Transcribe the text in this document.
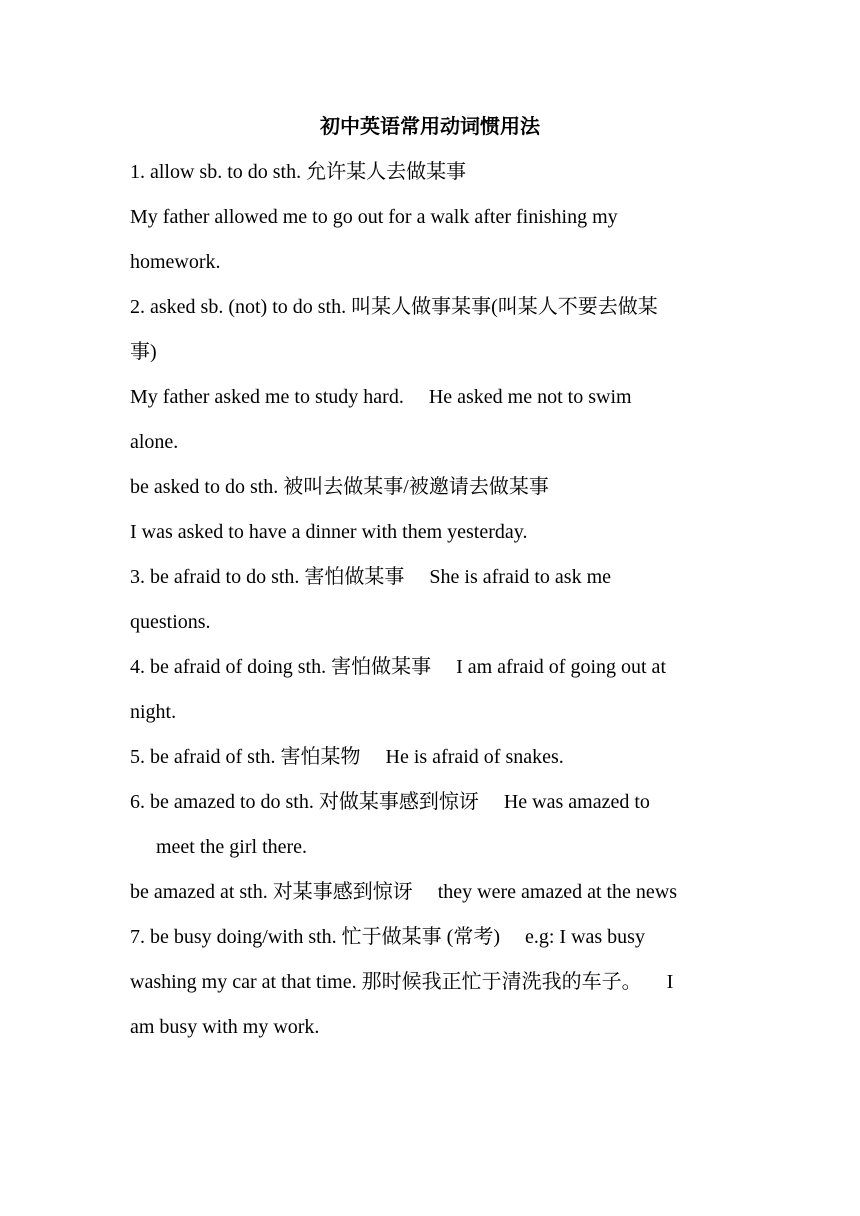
初中英语常用动词惯用法
1. allow sb. to do sth. 允许某人去做某事
My father allowed me to go out for a walk after finishing my
homework.
2. asked sb. (not) to do sth. 叫某人做事某事(叫某人不要去做某
事)
My father asked me to study hard.     He asked me not to swim
alone.
be asked to do sth. 被叫去做某事/被邀请去做某事
I was asked to have a dinner with them yesterday.
3. be afraid to do sth. 害怕做某事     She is afraid to ask me
questions.
4. be afraid of doing sth. 害怕做某事     I am afraid of going out at
night.
5. be afraid of sth. 害怕某物     He is afraid of snakes.
6. be amazed to do sth. 对做某事感到惊讶     He was amazed to
meet the girl there.
be amazed at sth. 对某事感到惊讶     they were amazed at the news
7. be busy doing/with sth. 忙于做某事 (常考)     e.g: I was busy
washing my car at that time. 那时候我正忙于清洗我的车子。     I
am busy with my work.
